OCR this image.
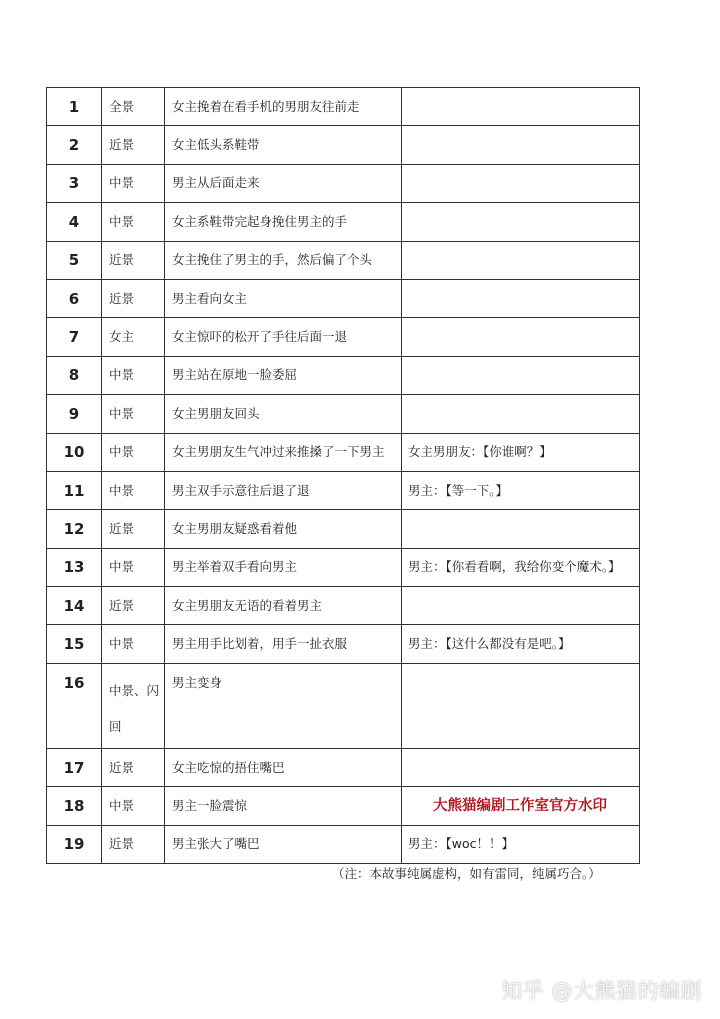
1	全景	女主挽着在看手机的男朋友往前走	
2	近景	女主低头系鞋带	
3	中景	男主从后面走来	
4	中景	女主系鞋带完起身挽住男主的手	
5	近景	女主挽住了男主的手，然后偏了个头	
6	近景	男主看向女主	
7	女主	女主惊吓的松开了手往后面一退	
8	中景	男主站在原地一脸委屈	
9	中景	女主男朋友回头	
10	中景	女主男朋友生气冲过来推搡了一下男主	女主男朋友：【你谁啊？】
11	中景	男主双手示意往后退了退	男主：【等一下。】
12	近景	女主男朋友疑惑看着他	
13	中景	男主举着双手看向男主	男主：【你看看啊，我给你变个魔术。】
14	近景	女主男朋友无语的看着男主	
15	中景	男主用手比划着，用手一扯衣服	男主：【这什么都没有是吧。】
16	中景、闪回	男主变身	
17	近景	女主吃惊的捂住嘴巴	
18	中景	男主一脸震惊	大熊猫编剧工作室官方水印
19	近景	男主张大了嘴巴	男主：【woc！！】
（注：本故事纯属虚构，如有雷同，纯属巧合。）
知乎 @大熊猫的编剧
